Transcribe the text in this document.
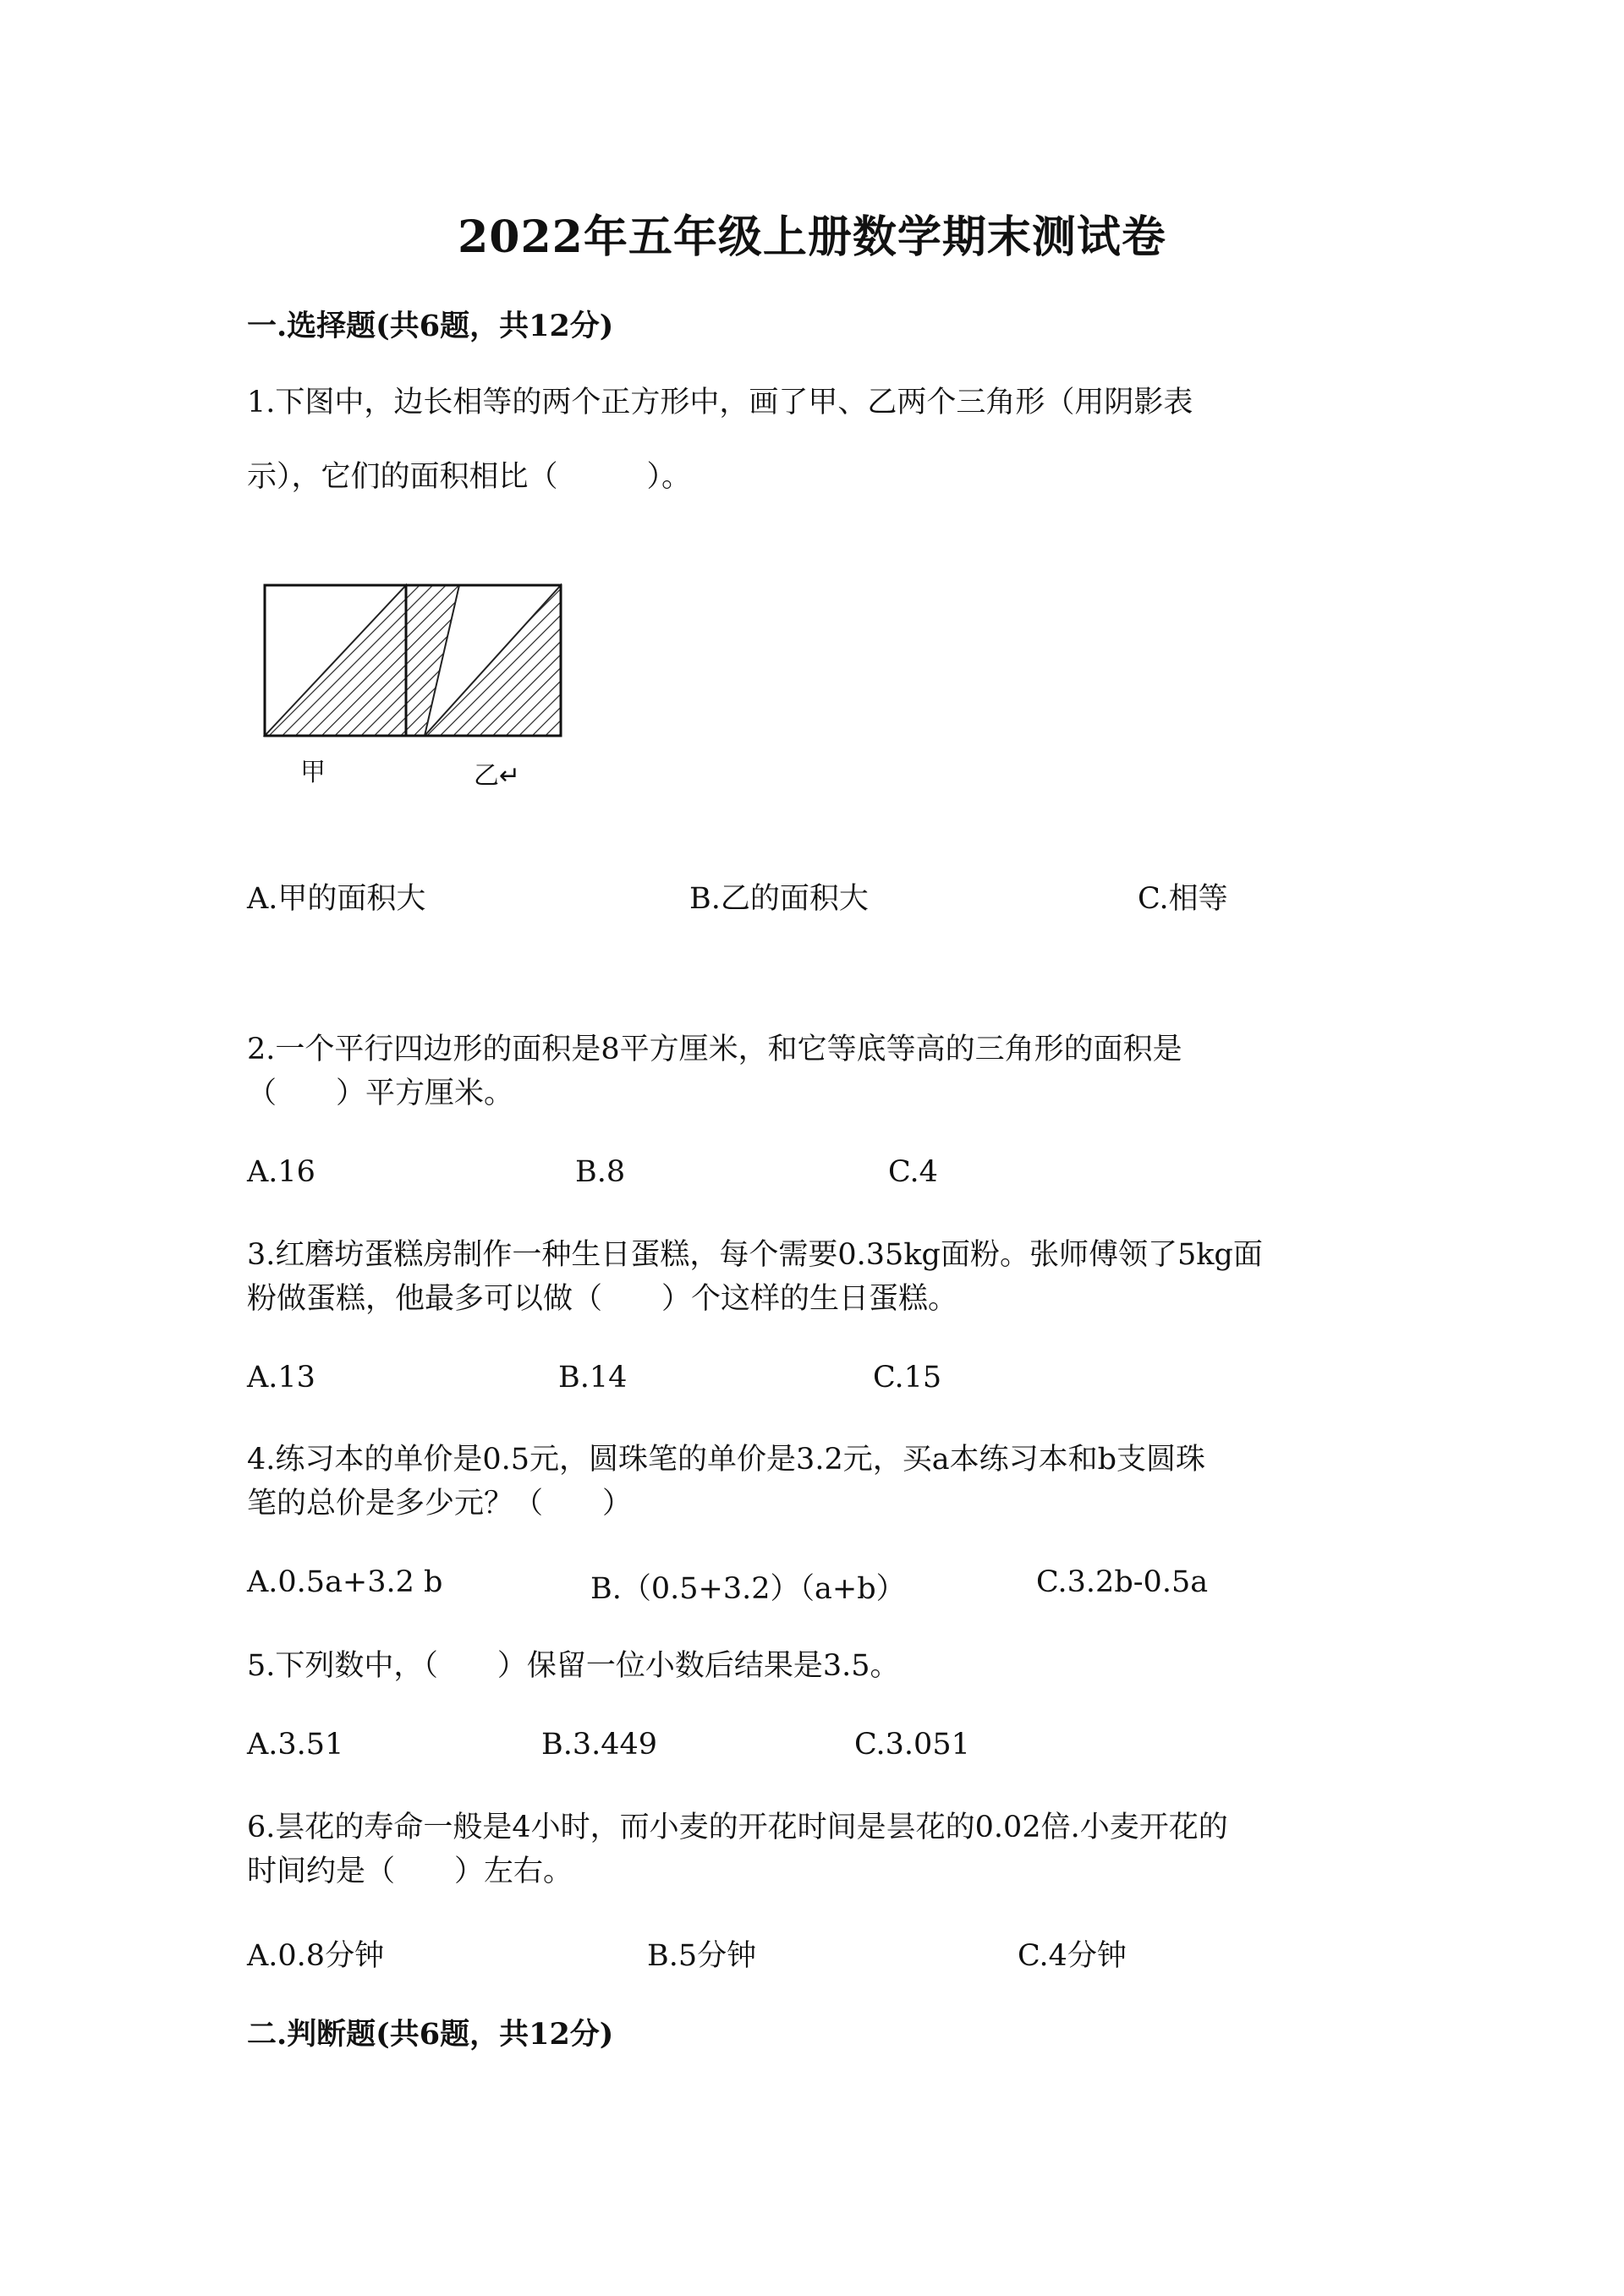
2022年五年级上册数学期末测试卷
一.选择题(共6题，共12分)
1.下图中，边长相等的两个正方形中，画了甲、乙两个三角形（用阴影表
示），它们的面积相比（　　　）。
甲	乙↵
A.甲的面积大	B.乙的面积大	C.相等
2.一个平行四边形的面积是8平方厘米，和它等底等高的三角形的面积是
（　　）平方厘米。
A.16	B.8	C.4
3.红磨坊蛋糕房制作一种生日蛋糕，每个需要0.35kg面粉。张师傅领了5kg面
粉做蛋糕，他最多可以做（　　）个这样的生日蛋糕。
A.13	B.14	C.15
4.练习本的单价是0.5元，圆珠笔的单价是3.2元，买a本练习本和b支圆珠
笔的总价是多少元？（　　）
A.0.5a+3.2 b	B.（0.5+3.2）（a+b）	C.3.2b-0.5a
5.下列数中，（　　）保留一位小数后结果是3.5。
A.3.51	B.3.449	C.3.051
6.昙花的寿命一般是4小时，而小麦的开花时间是昙花的0.02倍.小麦开花的
时间约是（　　）左右。
A.0.8分钟	B.5分钟	C.4分钟
二.判断题(共6题，共12分)
